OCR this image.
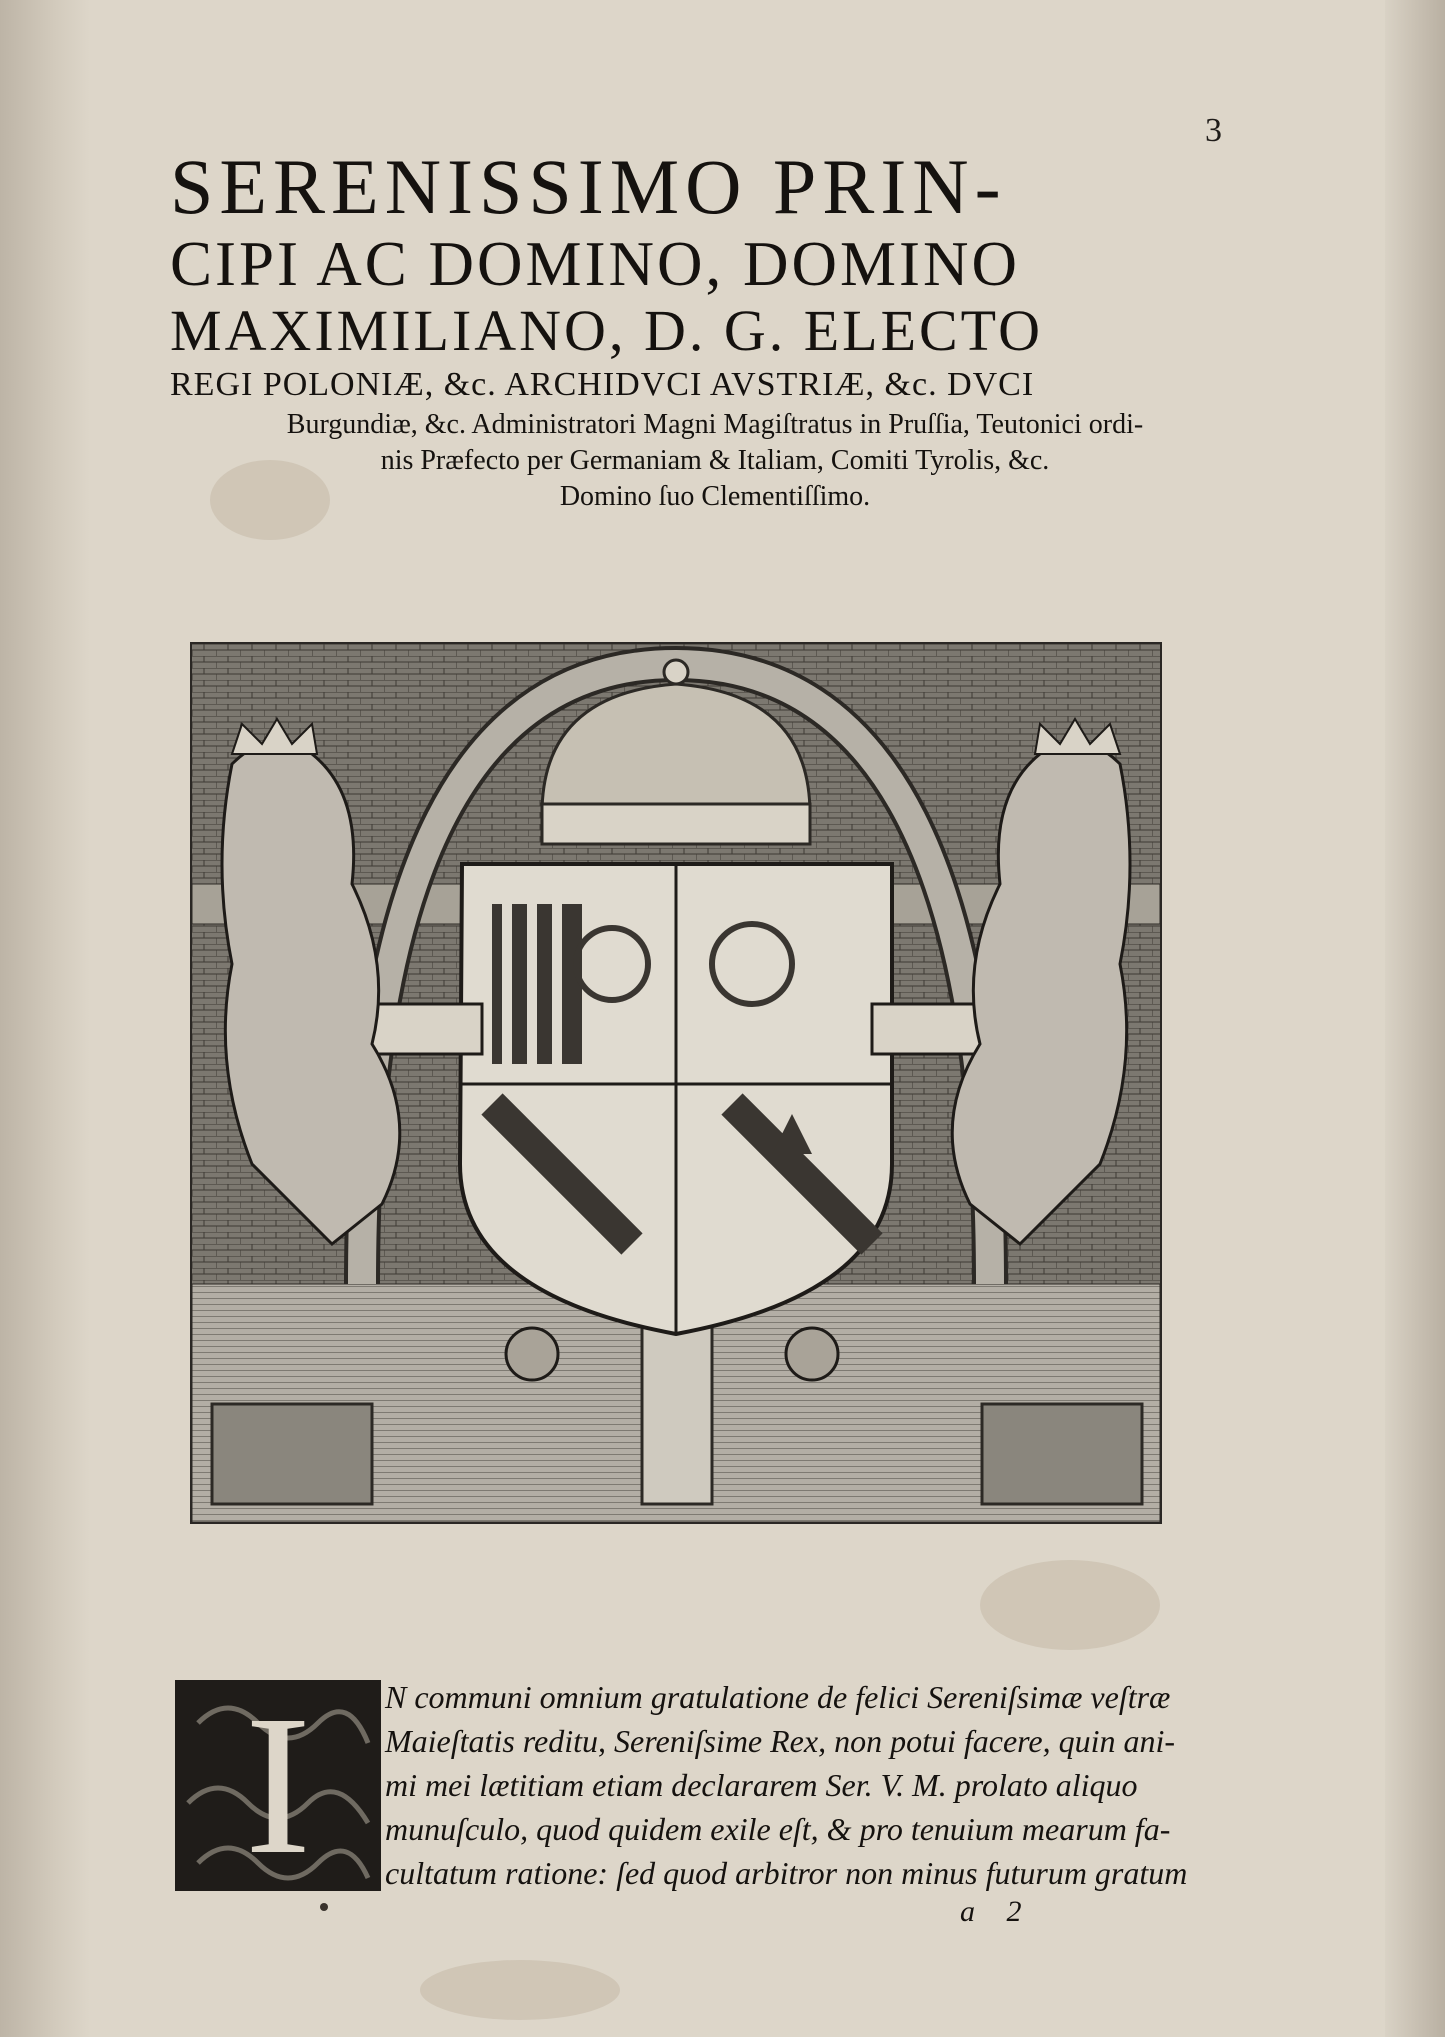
3
SERENISSIMO PRIN-
CIPI AC DOMINO, DOMINO
MAXIMILIANO, D. G. ELECTO
REGI POLONIÆ, &c. ARCHIDVCI AVSTRIÆ, &c. DVCI
Burgundiæ, &c. Administratori Magni Magiſtratus in Pruſſia, Teutonici ordi-
nis Præfecto per Germaniam & Italiam, Comiti Tyrolis, &c.
Domino ſuo Clementiſſimo.
I	N communi omnium gratulatione de felici Sereniſsimæ veſtræ
Maieſtatis reditu, Sereniſsime Rex, non potui facere, quin ani-
mi mei lætitiam etiam declararem Ser. V. M. prolato aliquo
munuſculo, quod quidem exile eſt, & pro tenuium mearum fa-
cultatum ratione: ſed quod arbitror non minus futurum gratum
a 2
